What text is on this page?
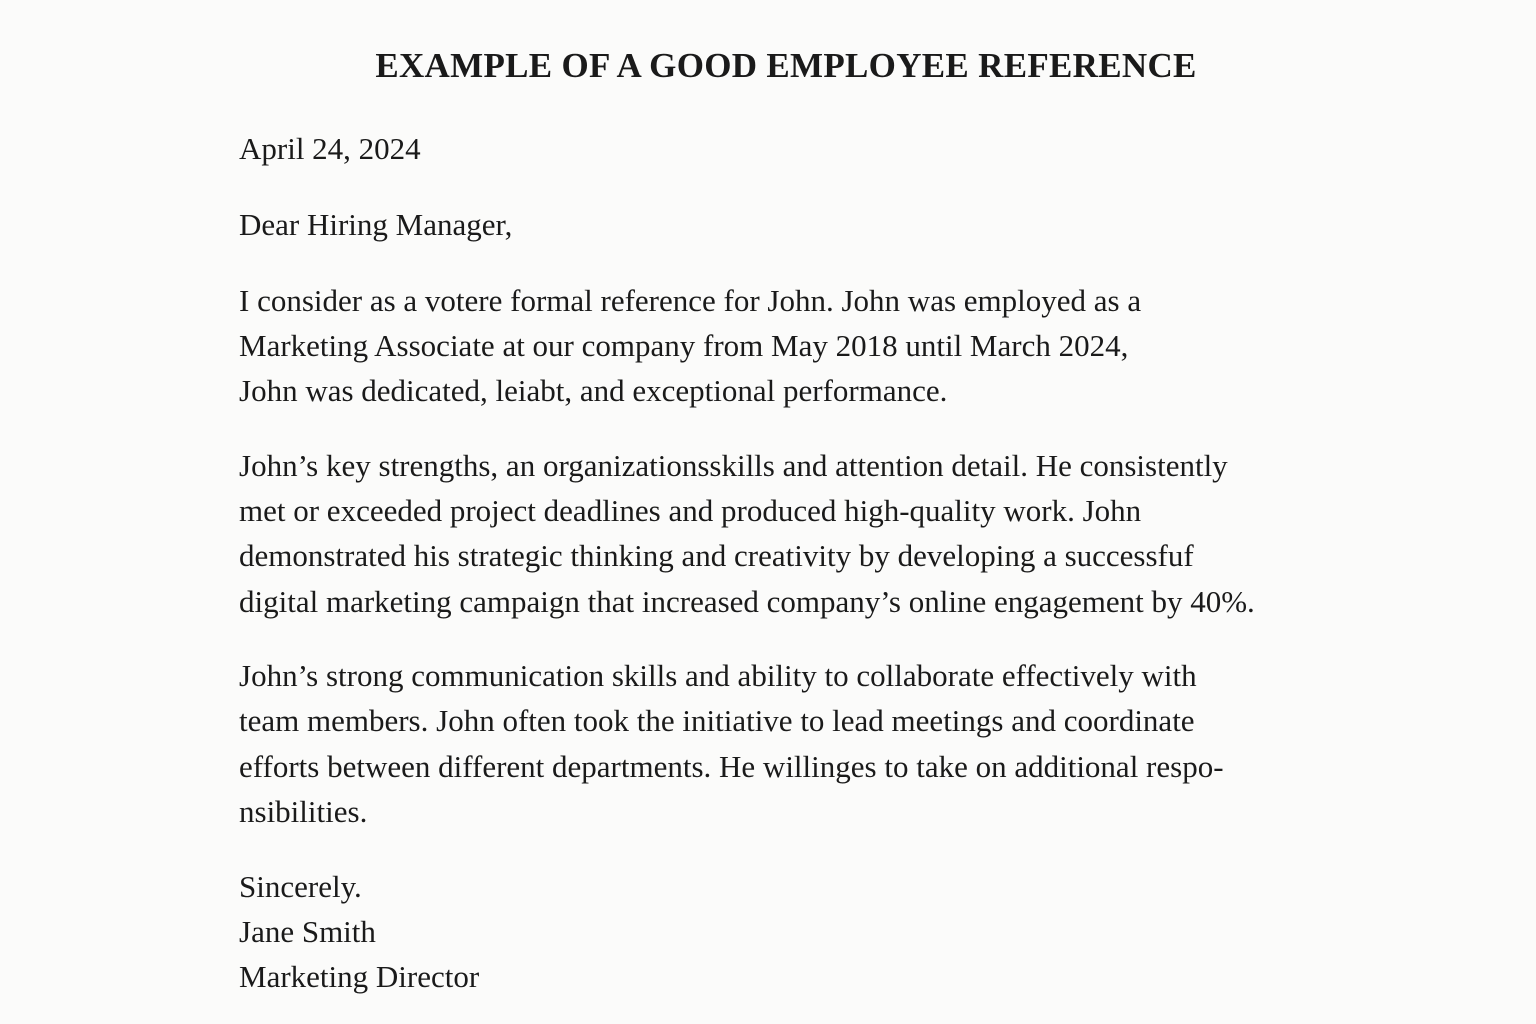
EXAMPLE OF A GOOD EMPLOYEE REFERENCE
April 24, 2024
Dear Hiring Manager,
I consider as a votere formal reference for John. John was employed as a
Marketing Associate at our company from May 2018 until March 2024,
John was dedicated, leiabt, and exceptional performance.
John’s key strengths, an organizationsskills and attention detail. He consistently
met or exceeded project deadlines and produced high-quality work. John
demonstrated his strategic thinking and creativity by developing a successfuf
digital marketing campaign that increased company’s online engagement by 40%.
John’s strong communication skills and ability to collaborate effectively with
team members. John often took the initiative to lead meetings and coordinate
efforts between different departments. He willinges to take on additional respo-
nsibilities.
Sincerely.
Jane Smith
Marketing Director
